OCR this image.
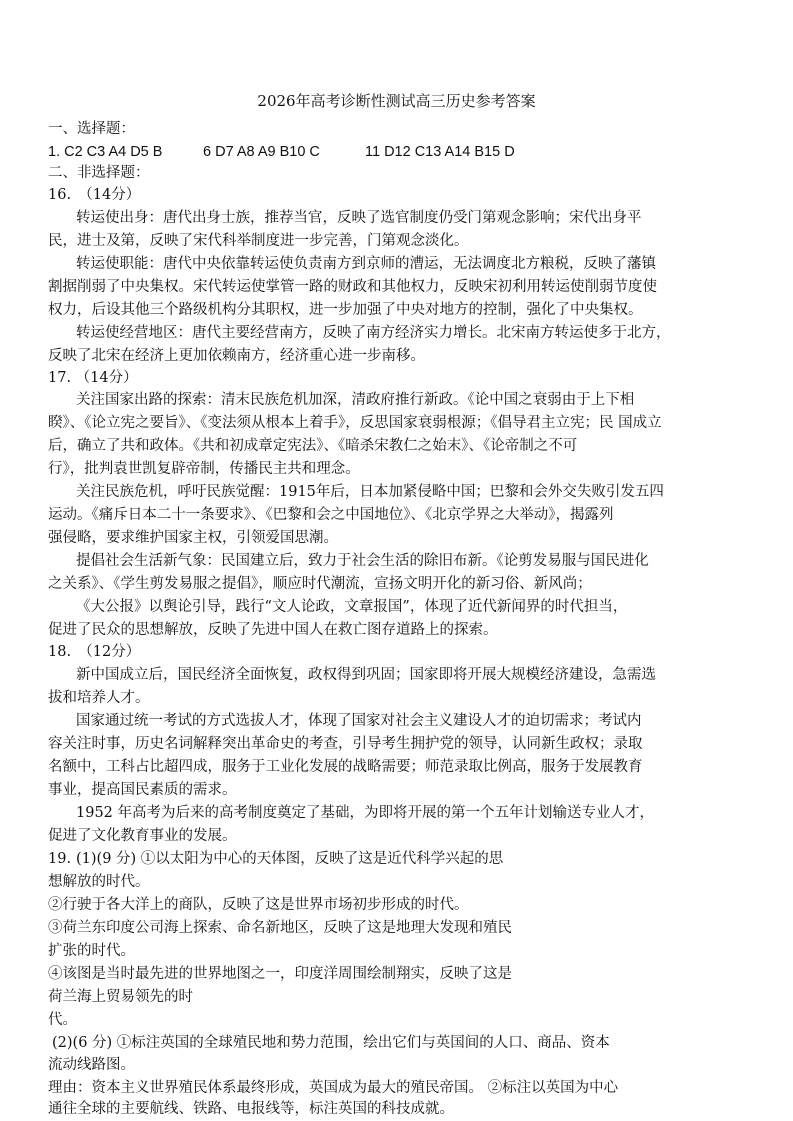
2026年高考诊断性测试高三历史参考答案
一、选择题：
1. C2 C3 A4 D5 B	6 D7 A8 A9 B10 C	11 D12 C13 A14 B15 D
二、非选择题：
16.　（14分）
转运使出身：唐代出身士族，推荐当官，反映了选官制度仍受门第观念影响；宋代出身平
民，进士及第，反映了宋代科举制度进一步完善，门第观念淡化。
转运使职能：唐代中央依靠转运使负责南方到京师的漕运，无法调度北方粮税，反映了藩镇
割据削弱了中央集权。宋代转运使掌管一路的财政和其他权力，反映宋初利用转运使削弱节度使
权力，后设其他三个路级机构分其职权，进一步加强了中央对地方的控制，强化了中央集权。
转运使经营地区：唐代主要经营南方，反映了南方经济实力增长。北宋南方转运使多于北方，
反映了北宋在经济上更加依赖南方，经济重心进一步南移。
17. （14分）
关注国家出路的探索：清末民族危机加深，清政府推行新政。《论中国之衰弱由于上下相
睽》、《论立宪之要旨》、《变法须从根本上着手》，反思国家衰弱根源；《倡导君主立宪；民 国成立
后，确立了共和政体。《共和初成章定宪法》、《暗杀宋教仁之始末》、《论帝制之不可
行》，批判袁世凯复辟帝制，传播民主共和理念。
关注民族危机，呼吁民族觉醒：1915年后，日本加紧侵略中国；巴黎和会外交失败引发五四
运动。《痛斥日本二十一条要求》、《巴黎和会之中国地位》、《北京学界之大举动》，揭露列
强侵略，要求维护国家主权，引领爱国思潮。
提倡社会生活新气象：民国建立后，致力于社会生活的除旧布新。《论剪发易服与国民进化
之关系》、《学生剪发易服之提倡》，顺应时代潮流，宣扬文明开化的新习俗、新风尚；
《大公报》以舆论引导，践行“文人论政，文章报国”，体现了近代新闻界的时代担当，
促进了民众的思想解放，反映了先进中国人在救亡图存道路上的探索。
18.　（12分）
新中国成立后，国民经济全面恢复，政权得到巩固；国家即将开展大规模经济建设，急需选
拔和培养人才。
国家通过统一考试的方式选拔人才，体现了国家对社会主义建设人才的迫切需求；考试内
容关注时事，历史名词解释突出革命史的考查，引导考生拥护党的领导，认同新生政权；录取
名额中，工科占比超四成，服务于工业化发展的战略需要；师范录取比例高，服务于发展教育
事业，提高国民素质的需求。
1952 年高考为后来的高考制度奠定了基础，为即将开展的第一个五年计划输送专业人才，
促进了文化教育事业的发展。
19. (1)(9 分) ①以太阳为中心的天体图，反映了这是近代科学兴起的思
想解放的时代。
②行驶于各大洋上的商队，反映了这是世界市场初步形成的时代。
③荷兰东印度公司海上探索、命名新地区，反映了这是地理大发现和殖民
扩张的时代。
④该图是当时最先进的世界地图之一，印度洋周围绘制翔实，反映了这是
荷兰海上贸易领先的时
代。
(2)(6 分) ①标注英国的全球殖民地和势力范围，绘出它们与英国间的人口、商品、资本
流动线路图。
理由：资本主义世界殖民体系最终形成，英国成为最大的殖民帝国。 ②标注以英国为中心
通往全球的主要航线、铁路、电报线等，标注英国的科技成就。
